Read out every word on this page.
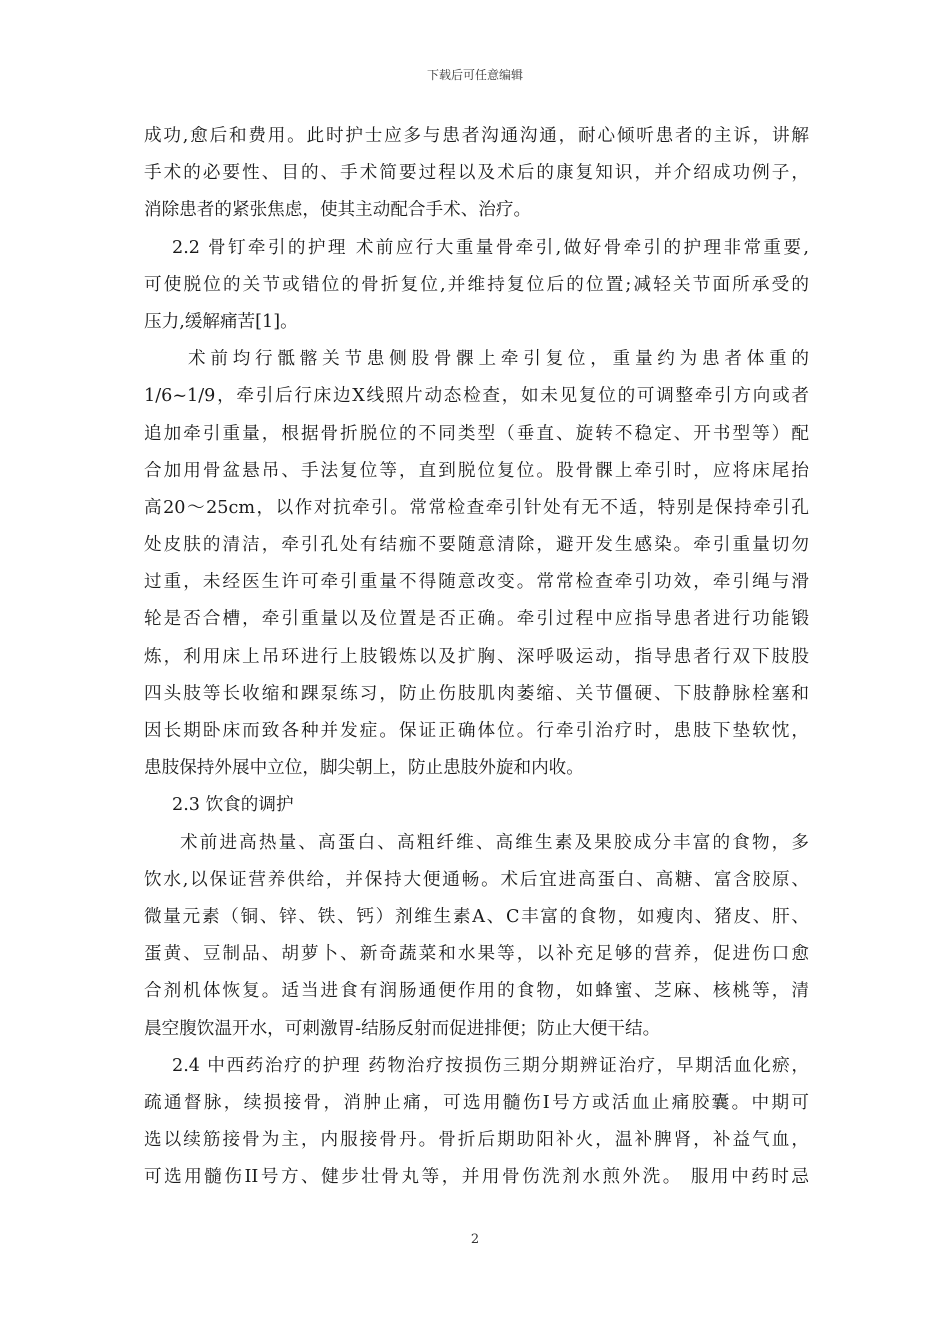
下载后可任意编辑
成功,愈后和费用。此时护士应多与患者沟通沟通，耐心倾听患者的主诉，讲解
手术的必要性、目的、手术简要过程以及术后的康复知识，并介绍成功例子，
消除患者的紧张焦虑，使其主动配合手术、治疗。
2.2 骨钉牵引的护理 术前应行大重量骨牵引,做好骨牵引的护理非常重要,
可使脱位的关节或错位的骨折复位,并维持复位后的位置;减轻关节面所承受的
压力,缓解痛苦[1]。
术前均行骶髂关节患侧股骨髁上牵引复位，重量约为患者体重的
1/6~1/9，牵引后行床边X线照片动态检查，如未见复位的可调整牵引方向或者
追加牵引重量，根据骨折脱位的不同类型（垂直、旋转不稳定、开书型等）配
合加用骨盆悬吊、手法复位等，直到脱位复位。股骨髁上牵引时，应将床尾抬
高20～25cm，以作对抗牵引。常常检查牵引针处有无不适，特别是保持牵引孔
处皮肤的清洁，牵引孔处有结痂不要随意清除，避开发生感染。牵引重量切勿
过重，未经医生许可牵引重量不得随意改变。常常检查牵引功效，牵引绳与滑
轮是否合槽，牵引重量以及位置是否正确。牵引过程中应指导患者进行功能锻
炼，利用床上吊环进行上肢锻炼以及扩胸、深呼吸运动，指导患者行双下肢股
四头肢等长收缩和踝泵练习，防止伤肢肌肉萎缩、关节僵硬、下肢静脉栓塞和
因长期卧床而致各种并发症。保证正确体位。行牵引治疗时，患肢下垫软忱，
患肢保持外展中立位，脚尖朝上，防止患肢外旋和内收。
2.3 饮食的调护
术前进高热量、高蛋白、高粗纤维、高维生素及果胶成分丰富的食物，多
饮水,以保证营养供给，并保持大便通畅。术后宜进高蛋白、高糖、富含胶原、
微量元素（铜、锌、铁、钙）剂维生素A、C丰富的食物，如瘦肉、猪皮、肝、
蛋黄、豆制品、胡萝卜、新奇蔬菜和水果等，以补充足够的营养，促进伤口愈
合剂机体恢复。适当进食有润肠通便作用的食物，如蜂蜜、芝麻、核桃等，清
晨空腹饮温开水，可刺激胃-结肠反射而促进排便；防止大便干结。
2.4 中西药治疗的护理 药物治疗按损伤三期分期辨证治疗，早期活血化瘀，
疏通督脉，续损接骨，消肿止痛，可选用髓伤I号方或活血止痛胶囊。中期可
选以续筋接骨为主，内服接骨丹。骨折后期助阳补火，温补脾肾，补益气血，
可选用髓伤II号方、健步壮骨丸等，并用骨伤洗剂水煎外洗。 服用中药时忌
2
